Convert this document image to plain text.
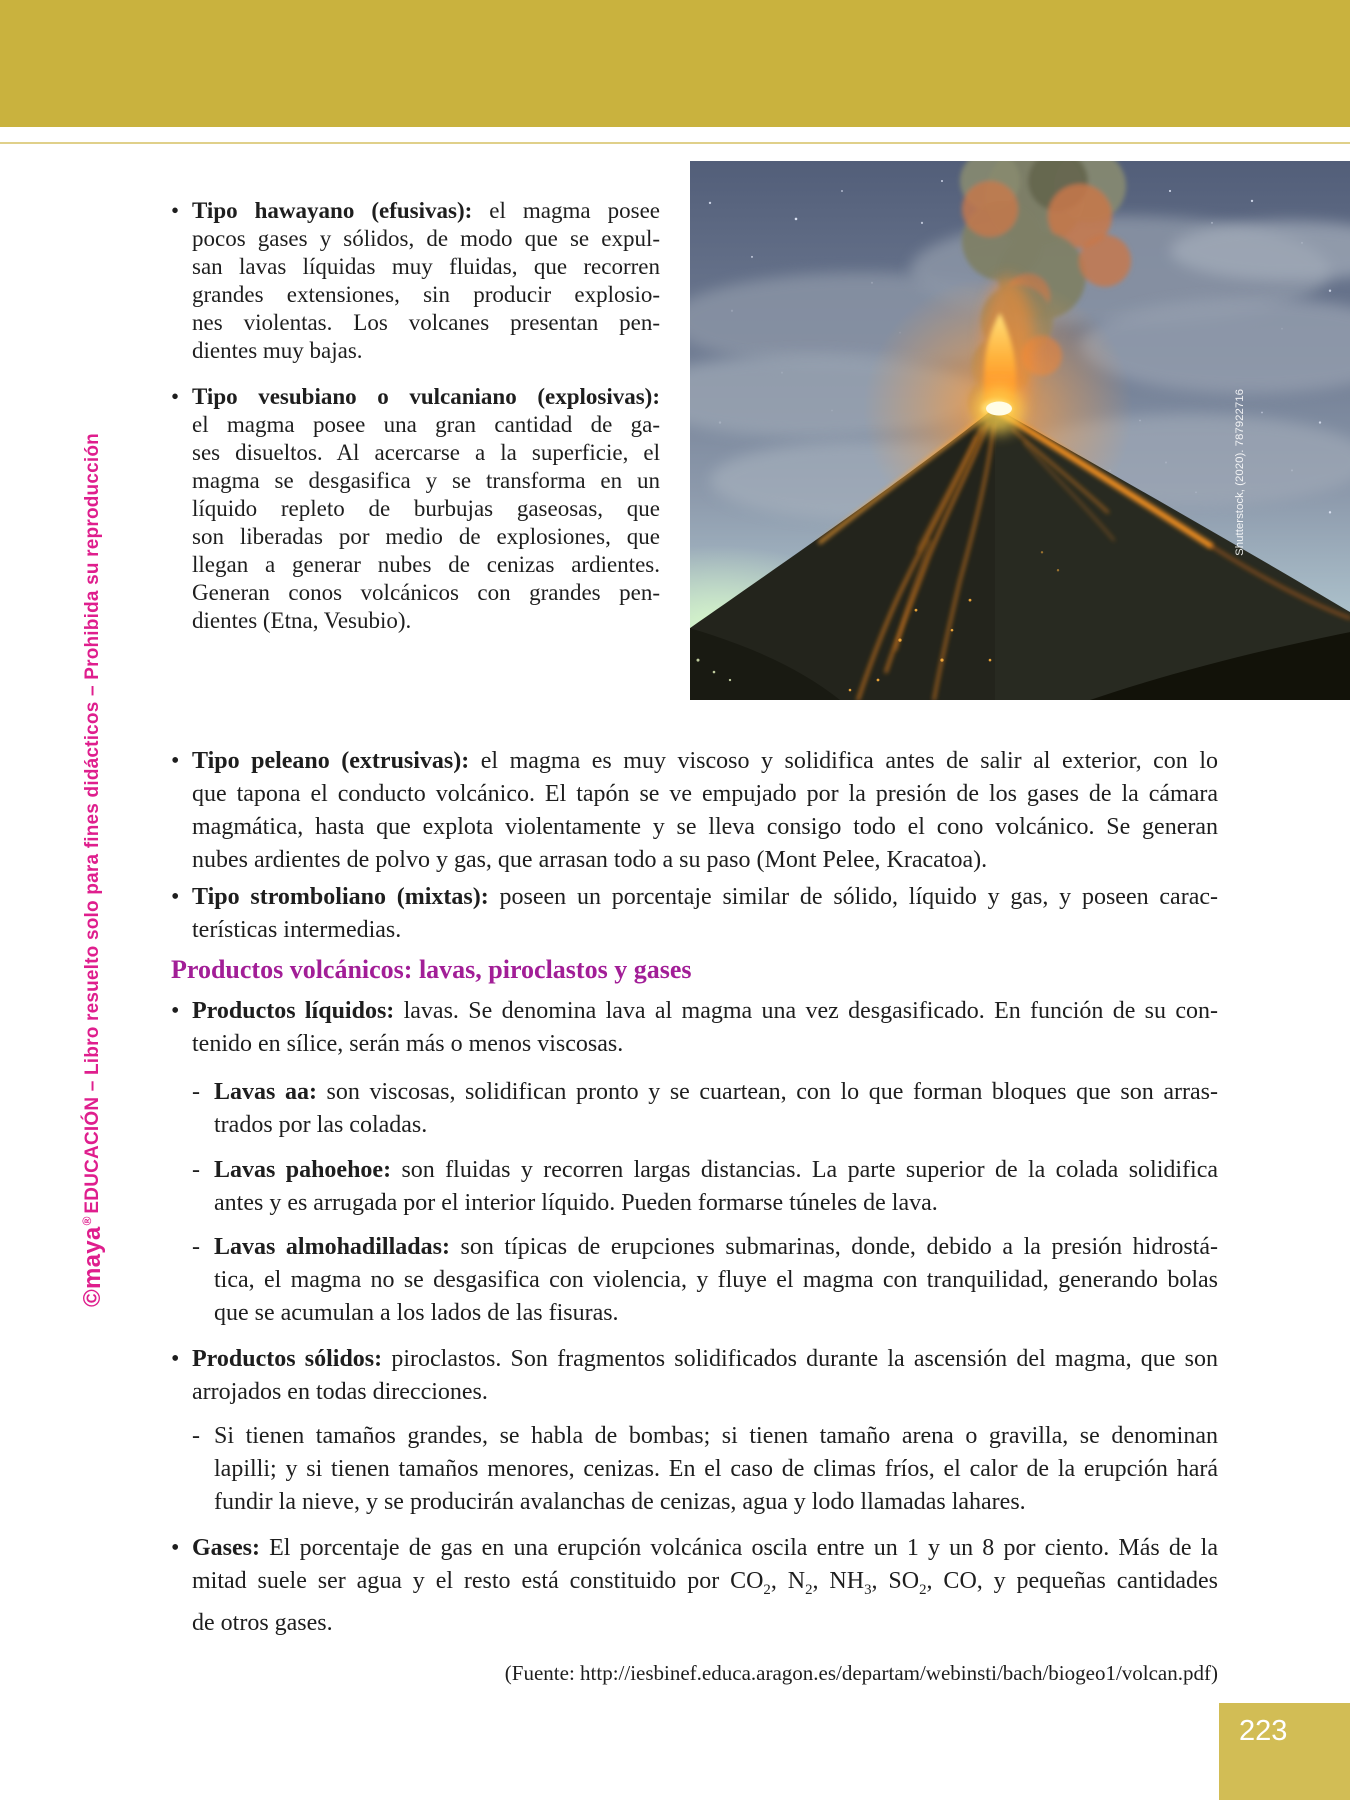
©maya
®
EDUCACIÓN – Libro resuelto solo para fines didácticos – Prohibida su reproducción	Shutterstock, (2020). 787922716
• Tipo hawayano (efusivas): el magma posee
pocos gases y sólidos, de modo que se expul-
san lavas líquidas muy fluidas, que recorren
grandes extensiones, sin producir explosio-
nes violentas. Los volcanes presentan pen-
dientes muy bajas.
• Tipo vesubiano o vulcaniano (explosivas):
el magma posee una gran cantidad de ga-
ses disueltos. Al acercarse a la superficie, el
magma se desgasifica y se transforma en un
líquido repleto de burbujas gaseosas, que
son liberadas por medio de explosiones, que
llegan a generar nubes de cenizas ardientes.
Generan conos volcánicos con grandes pen-
dientes (Etna, Vesubio).
• Tipo peleano (extrusivas): el magma es muy viscoso y solidifica antes de salir al exterior, con lo
que tapona el conducto volcánico. El tapón se ve empujado por la presión de los gases de la cámara
magmática, hasta que explota violentamente y se lleva consigo todo el cono volcánico. Se generan
nubes ardientes de polvo y gas, que arrasan todo a su paso (Mont Pelee, Kracatoa).
• Tipo stromboliano (mixtas): poseen un porcentaje similar de sólido, líquido y gas, y poseen carac-
terísticas intermedias.
Productos volcánicos: lavas, piroclastos y gases
• Productos líquidos: lavas. Se denomina lava al magma una vez desgasificado. En función de su con-
tenido en sílice, serán más o menos viscosas.
- Lavas aa: son viscosas, solidifican pronto y se cuartean, con lo que forman bloques que son arras-
trados por las coladas.
- Lavas pahoehoe: son fluidas y recorren largas distancias. La parte superior de la colada solidifica
antes y es arrugada por el interior líquido. Pueden formarse túneles de lava.
- Lavas almohadilladas: son típicas de erupciones submarinas, donde, debido a la presión hidrostá-
tica, el magma no se desgasifica con violencia, y fluye el magma con tranquilidad, generando bolas
que se acumulan a los lados de las fisuras.
• Productos sólidos: piroclastos. Son fragmentos solidificados durante la ascensión del magma, que son
arrojados en todas direcciones.
- Si tienen tamaños grandes, se habla de bombas; si tienen tamaño arena o gravilla, se denominan
lapilli; y si tienen tamaños menores, cenizas. En el caso de climas fríos, el calor de la erupción hará
fundir la nieve, y se producirán avalanchas de cenizas, agua y lodo llamadas lahares.
• Gases: El porcentaje de gas en una erupción volcánica oscila entre un 1 y un 8 por ciento. Más de la
mitad suele ser agua y el resto está constituido por $CO_2$, $N_2$, $NH_3$, $SO_2$, CO, y pequeñas cantidades
de otros gases.
(Fuente: http://iesbinef.educa.aragon.es/departam/webinsti/bach/biogeo1/volcan.pdf)
223
